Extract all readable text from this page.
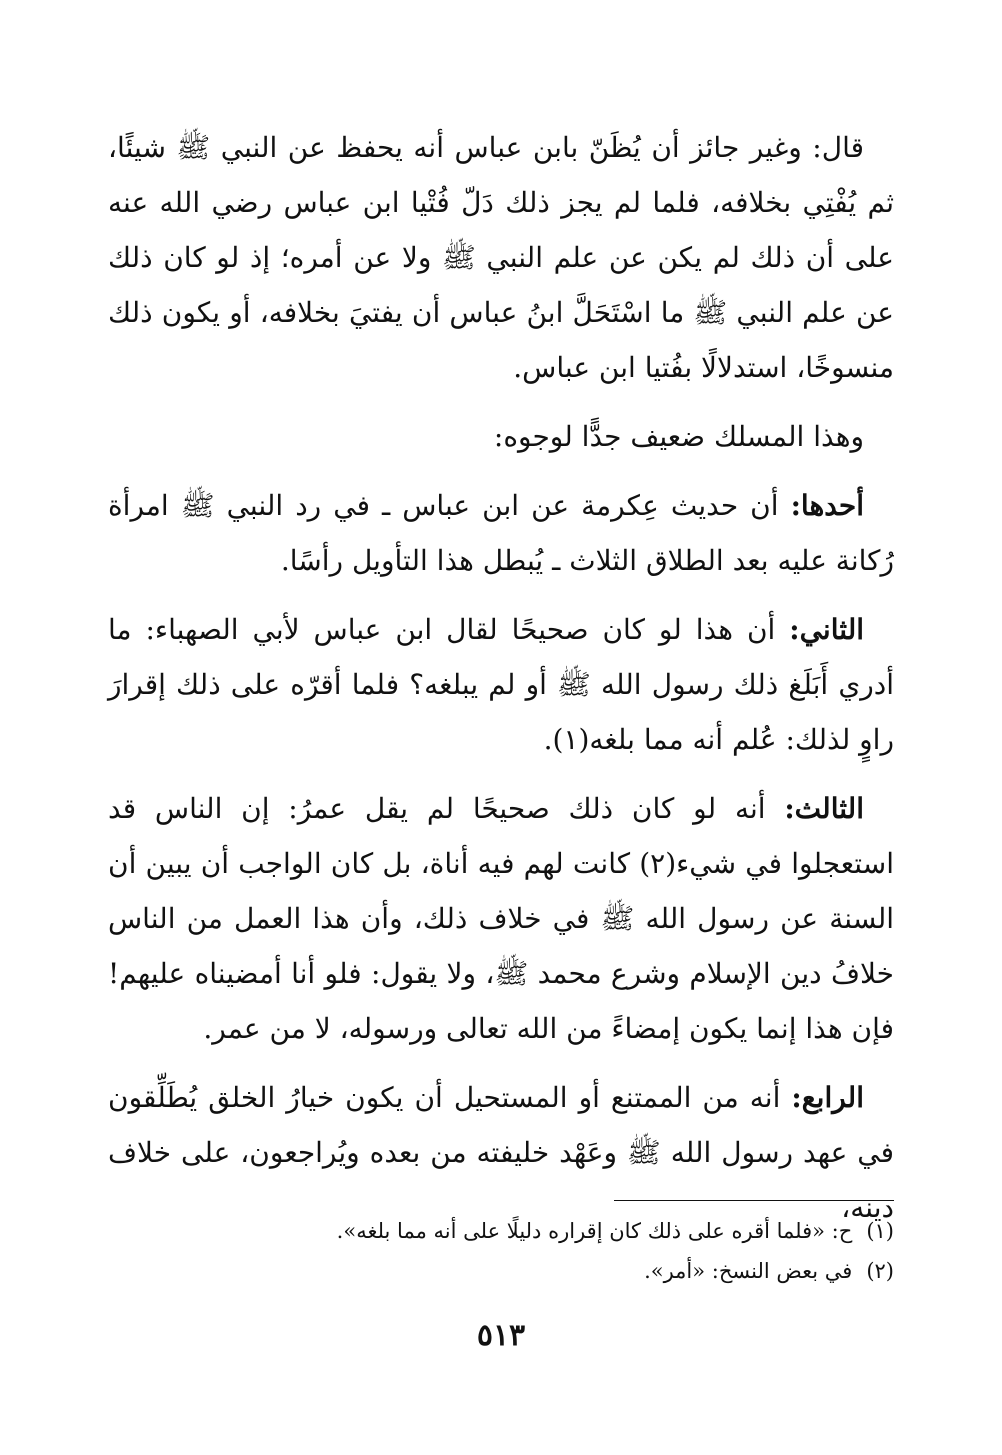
قال: وغير جائز أن يُظَنّ بابن عباس أنه يحفظ عن النبي ﷺ شيئًا، ثم يُفْتِي بخلافه، فلما لم يجز ذلك دَلّ فُتْيا ابن عباس رضي الله عنه على أن ذلك لم يكن عن علم النبي ﷺ ولا عن أمره؛ إذ لو كان ذلك عن علم النبي ﷺ ما اسْتَحَلَّ ابنُ عباس أن يفتيَ بخلافه، أو يكون ذلك منسوخًا، استدلالًا بفُتيا ابن عباس.

وهذا المسلك ضعيف جدًّا لوجوه:

أحدها: أن حديث عِكرمة عن ابن عباس ـ في رد النبي ﷺ امرأة رُكانة عليه بعد الطلاق الثلاث ـ يُبطل هذا التأويل رأسًا.

الثاني: أن هذا لو كان صحيحًا لقال ابن عباس لأبي الصهباء: ما أدري أَبَلَغ ذلك رسول الله ﷺ أو لم يبلغه؟ فلما أقرّه على ذلك إقرارَ راوٍ لذلك: عُلم أنه مما بلغه(١).

الثالث: أنه لو كان ذلك صحيحًا لم يقل عمرُ: إن الناس قد استعجلوا في شيء(٢) كانت لهم فيه أناة، بل كان الواجب أن يبين أن السنة عن رسول الله ﷺ في خلاف ذلك، وأن هذا العمل من الناس خلافُ دين الإسلام وشرع محمد ﷺ، ولا يقول: فلو أنا أمضيناه عليهم! فإن هذا إنما يكون إمضاءً من الله تعالى ورسوله، لا من عمر.

الرابع: أنه من الممتنع أو المستحيل أن يكون خيارُ الخلق يُطَلِّقون في عهد رسول الله ﷺ وعَهْد خليفته من بعده ويُراجعون، على خلاف دينه،

(١)
ح: «فلما أقره على ذلك كان إقراره دليلًا على أنه مما بلغه».
(٢)
في بعض النسخ: «أمر».
٥١٣
